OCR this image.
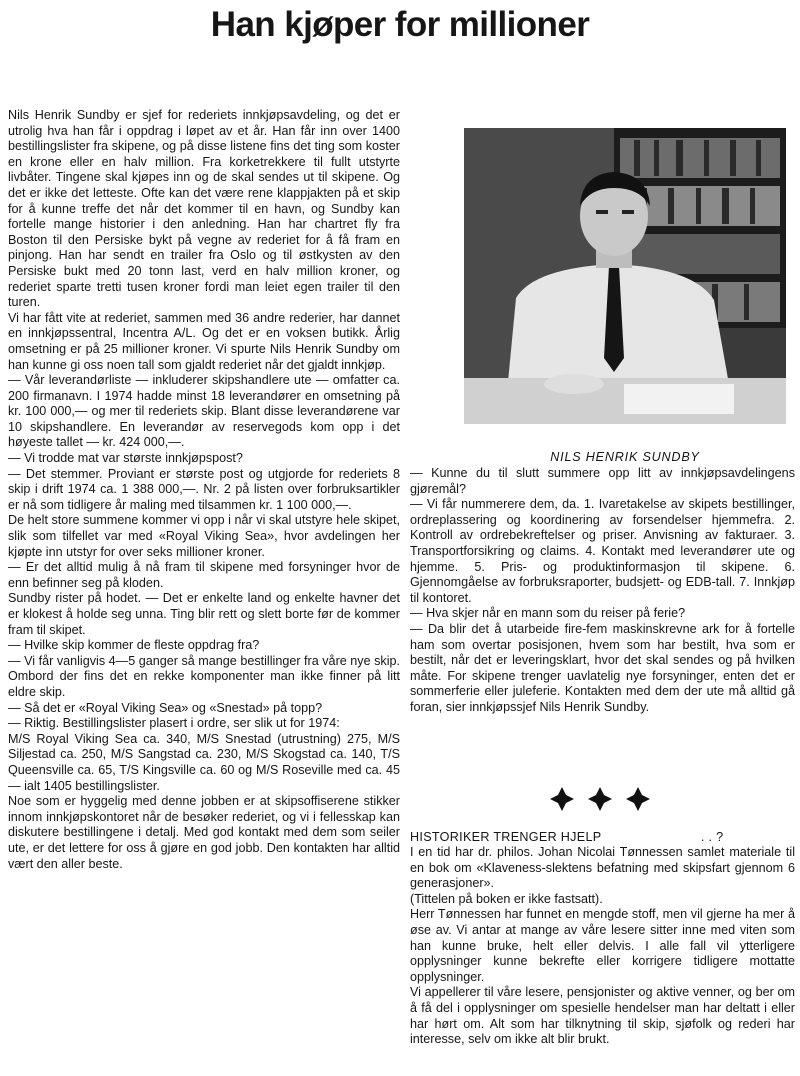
Han kjøper for millioner

Nils Henrik Sundby er sjef for rederiets innkjøpsavdeling, og det er utrolig hva han får i oppdrag i løpet av et år. Han får inn over 1400 bestillingslister fra skipene, og på disse listene fins det ting som koster en krone eller en halv million. Fra korketrekkere til fullt utstyrte livbåter. Tingene skal kjøpes inn og de skal sendes ut til skipene. Og det er ikke det letteste. Ofte kan det være rene klappjakten på et skip for å kunne treffe det når det kommer til en havn, og Sundby kan fortelle mange historier i den anledning. Han har chartret fly fra Boston til den Persiske bykt på vegne av rederiet for å få fram en pinjong. Han har sendt en trailer fra Oslo og til østkysten av den Persiske bukt med 20 tonn last, verd en halv million kroner, og rederiet sparte tretti tusen kroner fordi man leiet egen trailer til den turen.

Vi har fått vite at rederiet, sammen med 36 andre rederier, har dannet en innkjøpssentral, Incentra A/L. Og det er en voksen butikk. Årlig omsetning er på 25 millioner kroner. Vi spurte Nils Henrik Sundby om han kunne gi oss noen tall som gjaldt rederiet når det gjaldt innkjøp.

— Vår leverandørliste — inkluderer skipshandlere ute — omfatter ca. 200 firmanavn. I 1974 hadde minst 18 leverandører en omsetning på kr. 100 000,— og mer til rederiets skip. Blant disse leverandørene var 10 skipshandlere. En leverandør av reservegods kom opp i det høyeste tallet — kr. 424 000,—.

— Vi trodde mat var største innkjøpspost?

— Det stemmer. Proviant er største post og utgjorde for rederiets 8 skip i drift 1974 ca. 1 388 000,—. Nr. 2 på listen over forbruksartikler er nå som tidligere år maling med tilsammen kr. 1 100 000,—.

De helt store summene kommer vi opp i når vi skal utstyre hele skipet, slik som tilfellet var med «Royal Viking Sea», hvor avdelingen her kjøpte inn utstyr for over seks millioner kroner.

— Er det alltid mulig å nå fram til skipene med forsyninger hvor de enn befinner seg på kloden.

Sundby rister på hodet. — Det er enkelte land og enkelte havner det er klokest å holde seg unna. Ting blir rett og slett borte før de kommer fram til skipet.

— Hvilke skip kommer de fleste oppdrag fra?

— Vi får vanligvis 4—5 ganger så mange bestillinger fra våre nye skip. Ombord der fins det en rekke komponenter man ikke finner på litt eldre skip.

— Så det er «Royal Viking Sea» og «Snestad» på topp?

— Riktig. Bestillingslister plasert i ordre, ser slik ut for 1974:

M/S Royal Viking Sea ca. 340, M/S Snestad (utrustning) 275, M/S Siljestad ca. 250, M/S Sangstad ca. 230, M/S Skogstad ca. 140, T/S Queensville ca. 65, T/S Kingsville ca. 60 og M/S Roseville med ca. 45 — ialt 1405 bestillingslister.

Noe som er hyggelig med denne jobben er at skipsoffiserene stikker innom innkjøpskontoret når de besøker rederiet, og vi i fellesskap kan diskutere bestillingene i detalj. Med god kontakt med dem som seiler ute, er det lettere for oss å gjøre en god jobb. Den kontakten har alltid vært den aller beste.

NILS HENRIK SUNDBY

— Kunne du til slutt summere opp litt av innkjøpsavdelingens gjøremål?

— Vi får nummerere dem, da. 1. Ivaretakelse av skipets bestillinger, ordreplassering og koordinering av forsendelser hjemmefra. 2. Kontroll av ordrebekreftelser og priser. Anvisning av fakturaer. 3. Transportforsikring og claims. 4. Kontakt med leverandører ute og hjemme. 5. Pris- og produktinformasjon til skipene. 6. Gjennomgåelse av forbruksraporter, budsjett- og EDB-tall. 7. Innkjøp til kontoret.

— Hva skjer når en mann som du reiser på ferie?

— Da blir det å utarbeide fire-fem maskinskrevne ark for å fortelle ham som overtar posisjonen, hvem som har bestilt, hva som er bestilt, når det er leveringsklart, hvor det skal sendes og på hvilken måte. For skipene trenger uavlatelig nye forsyninger, enten det er sommerferie eller juleferie. Kontakten med dem der ute må alltid gå foran, sier innkjøpssjef Nils Henrik Sundby.

HISTORIKER TRENGER HJELP	. . ?

I en tid har dr. philos. Johan Nicolai Tønnessen samlet materiale til en bok om «Klaveness-slektens befatning med skipsfart gjennom 6 generasjoner».

(Tittelen på boken er ikke fastsatt).

Herr Tønnessen har funnet en mengde stoff, men vil gjerne ha mer å øse av. Vi antar at mange av våre lesere sitter inne med viten som han kunne bruke, helt eller delvis. I alle fall vil ytterligere opplysninger kunne bekrefte eller korrigere tidligere mottatte opplysninger.

Vi appellerer til våre lesere, pensjonister og aktive venner, og ber om å få del i opplysninger om spesielle hendelser man har deltatt i eller har hørt om. Alt som har tilknytning til skip, sjøfolk og rederi har interesse, selv om ikke alt blir brukt.
